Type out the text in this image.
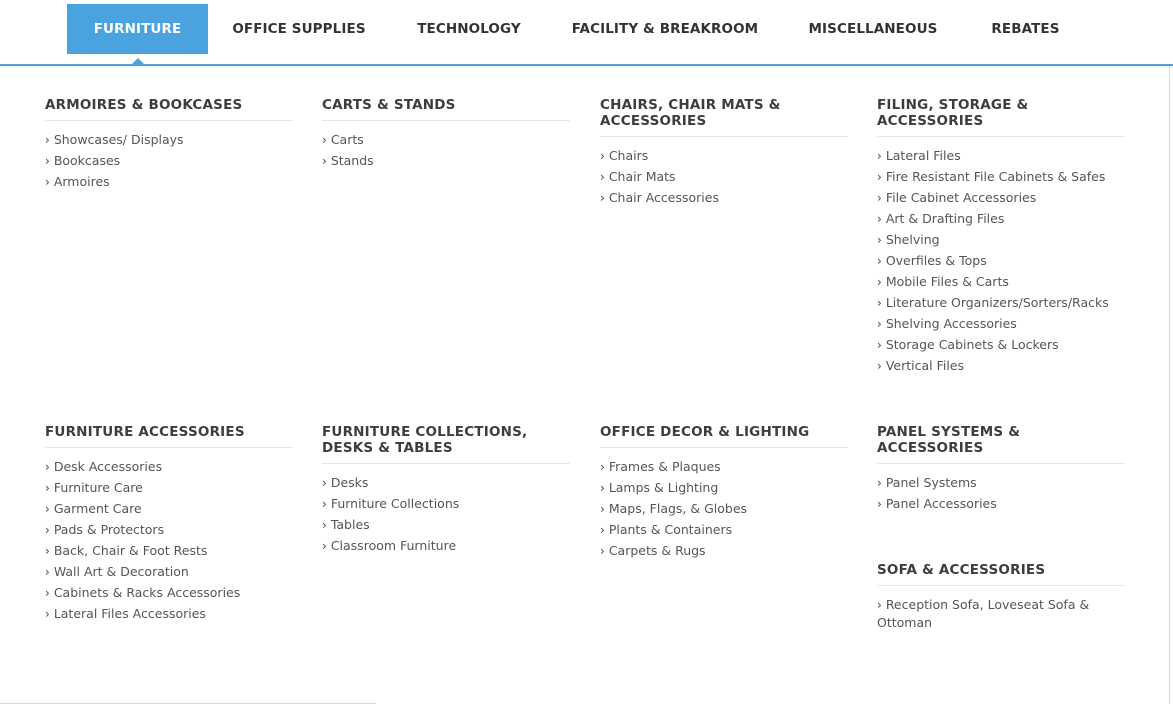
FURNITURE	OFFICE SUPPLIES	TECHNOLOGY	FACILITY & BREAKROOM	MISCELLANEOUS	REBATES
ARMOIRES & BOOKCASES
› Showcases/ Displays
› Bookcases
› Armoires
CARTS & STANDS
› Carts
› Stands
CHAIRS, CHAIR MATS &
ACCESSORIES
› Chairs
› Chair Mats
› Chair Accessories
FILING, STORAGE &
ACCESSORIES
› Lateral Files
› Fire Resistant File Cabinets & Safes
› File Cabinet Accessories
› Art & Drafting Files
› Shelving
› Overfiles & Tops
› Mobile Files & Carts
› Literature Organizers/Sorters/Racks
› Shelving Accessories
› Storage Cabinets & Lockers
› Vertical Files
FURNITURE ACCESSORIES
› Desk Accessories
› Furniture Care
› Garment Care
› Pads & Protectors
› Back, Chair & Foot Rests
› Wall Art & Decoration
› Cabinets & Racks Accessories
› Lateral Files Accessories
FURNITURE COLLECTIONS,
DESKS & TABLES
› Desks
› Furniture Collections
› Tables
› Classroom Furniture
OFFICE DECOR & LIGHTING
› Frames & Plaques
› Lamps & Lighting
› Maps, Flags, & Globes
› Plants & Containers
› Carpets & Rugs
PANEL SYSTEMS &
ACCESSORIES
› Panel Systems
› Panel Accessories
SOFA & ACCESSORIES
› Reception Sofa, Loveseat Sofa & Ottoman
